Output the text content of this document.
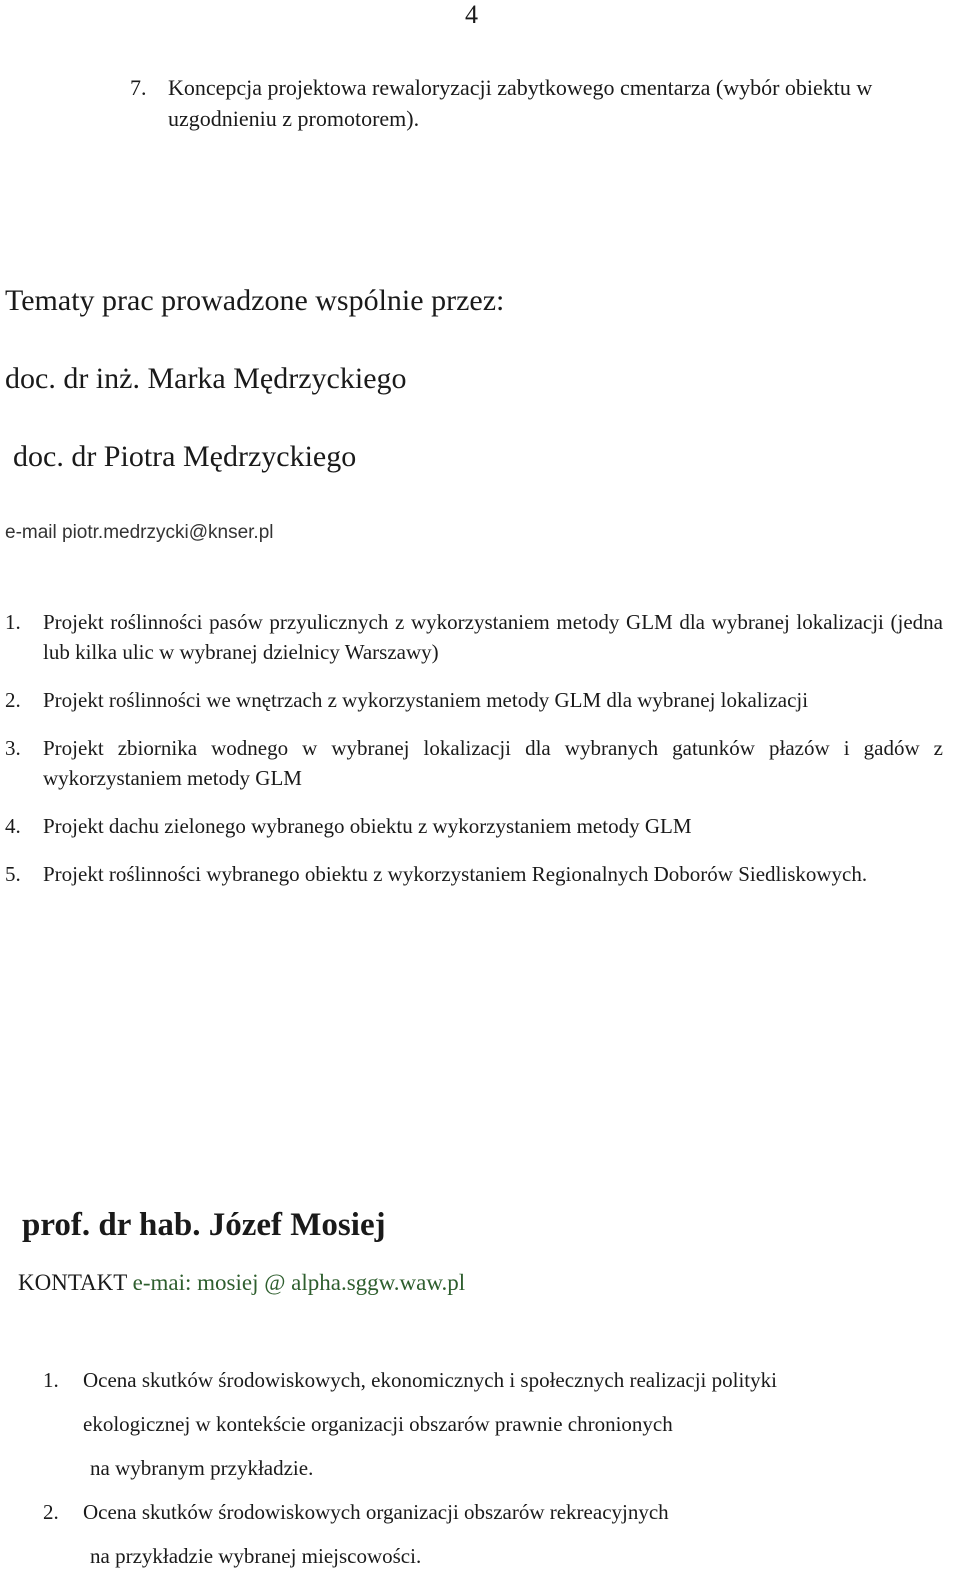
4
7. Koncepcja projektowa rewaloryzacji zabytkowego cmentarza (wybór obiektu w uzgodnieniu z promotorem).
Tematy prac prowadzone wspólnie przez:
doc. dr inż. Marka Mędrzyckiego
doc. dr Piotra Mędrzyckiego
e-mail piotr.medrzycki@knser.pl
1.	Projekt roślinności pasów przyulicznych z wykorzystaniem metody GLM dla wybranej lokalizacji (jedna lub kilka ulic w wybranej dzielnicy Warszawy)
2.	Projekt roślinności we wnętrzach z wykorzystaniem metody GLM dla wybranej lokalizacji
3.	Projekt zbiornika wodnego w wybranej lokalizacji dla wybranych gatunków płazów i gadów z wykorzystaniem metody GLM
4.	Projekt dachu zielonego wybranego obiektu z wykorzystaniem metody GLM
5.	Projekt roślinności wybranego obiektu z wykorzystaniem Regionalnych Doborów Siedliskowych.
prof. dr hab. Józef Mosiej
KONTAKT e-mai: mosiej @ alpha.sggw.waw.pl
1.	Ocena skutków środowiskowych, ekonomicznych i społecznych realizacji polityki
ekologicznej w kontekście organizacji obszarów prawnie chronionych
na wybranym przykładzie.
2.	Ocena skutków środowiskowych organizacji obszarów rekreacyjnych
na przykładzie wybranej miejscowości.
